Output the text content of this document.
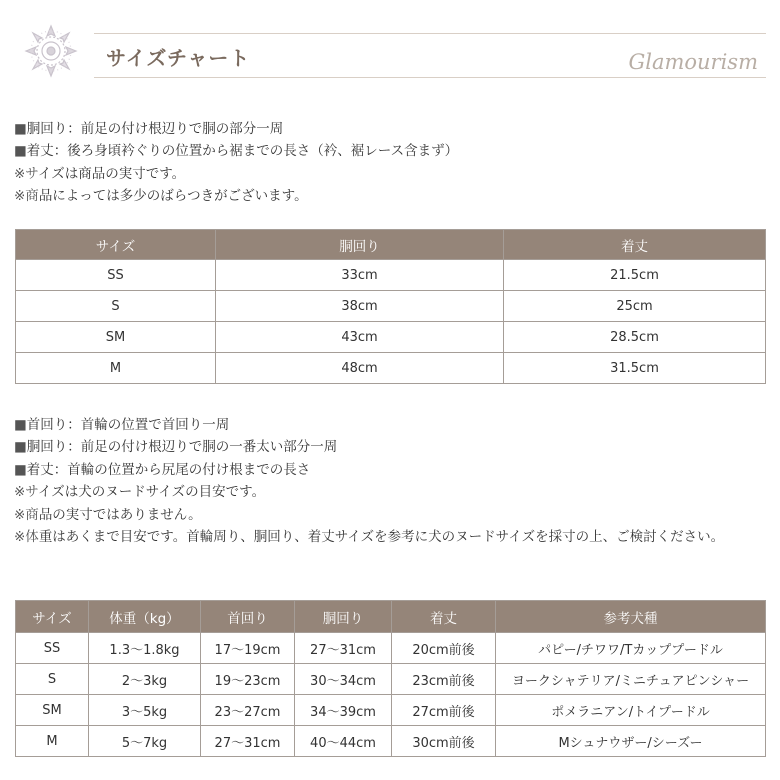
サイズチャート	Glamourism
■胴回り：前足の付け根辺りで胴の部分一周
■着丈：後ろ身頃衿ぐりの位置から裾までの長さ（衿、裾レース含まず）
※サイズは商品の実寸です。
※商品によっては多少のばらつきがございます。
サイズ	胴回り	着丈
SS	33cm	21.5cm
S	38cm	25cm
SM	43cm	28.5cm
M	48cm	31.5cm
■首回り：首輪の位置で首回り一周
■胴回り：前足の付け根辺りで胴の一番太い部分一周
■着丈：首輪の位置から尻尾の付け根までの長さ
※サイズは犬のヌードサイズの目安です。
※商品の実寸ではありません。
※体重はあくまで目安です。首輪周り、胴回り、着丈サイズを参考に犬のヌードサイズを採寸の上、ご検討ください。
サイズ	体重（kg）	首回り	胴回り	着丈	参考犬種
SS	1.3～1.8kg	17～19cm	27～31cm	20cm前後	パピー/チワワ/Tカッププードル
S	2～3kg	19～23cm	30～34cm	23cm前後	ヨークシャテリア/ミニチュアピンシャー
SM	3～5kg	23～27cm	34～39cm	27cm前後	ポメラニアン/トイプードル
M	5～7kg	27～31cm	40～44cm	30cm前後	Mシュナウザー/シーズー
